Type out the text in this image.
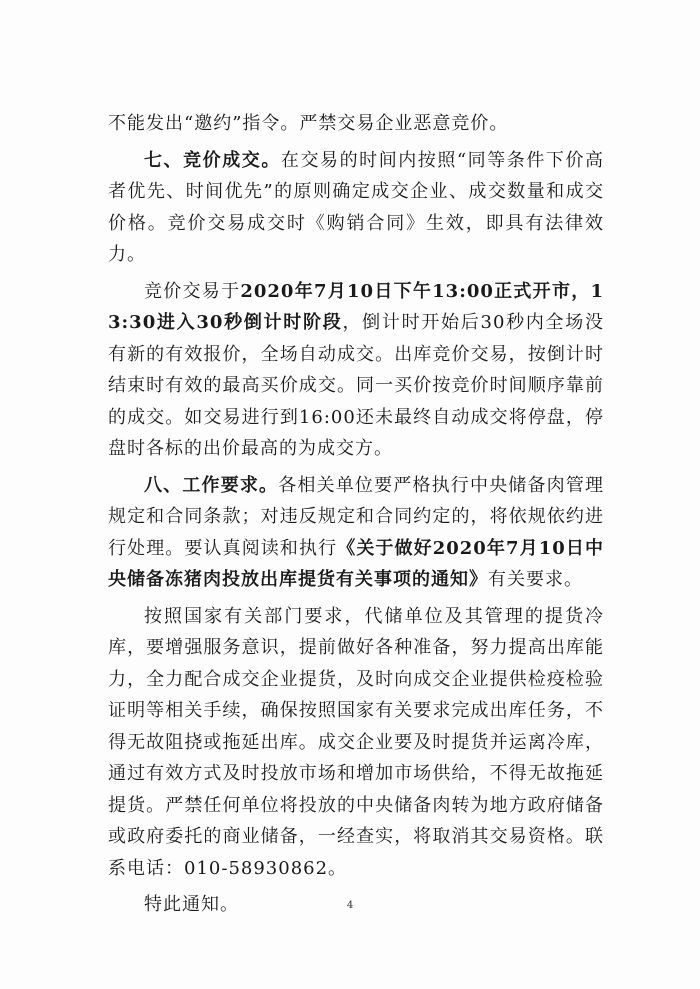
不能发出“邀约”指令。严禁交易企业恶意竞价。

七、竞价成交。在交易的时间内按照“同等条件下价高者优先、时间优先”的原则确定成交企业、成交数量和成交价格。竞价交易成交时《购销合同》生效，即具有法律效力。

竞价交易于2020年7月10日下午13:00正式开市，13:30进入30秒倒计时阶段，倒计时开始后30秒内全场没有新的有效报价，全场自动成交。出库竞价交易，按倒计时结束时有效的最高买价成交。同一买价按竞价时间顺序靠前的成交。如交易进行到16:00还未最终自动成交将停盘，停盘时各标的出价最高的为成交方。

八、工作要求。各相关单位要严格执行中央储备肉管理规定和合同条款；对违反规定和合同约定的，将依规依约进行处理。要认真阅读和执行《关于做好2020年7月10日中央储备冻猪肉投放出库提货有关事项的通知》有关要求。

按照国家有关部门要求，代储单位及其管理的提货冷库，要增强服务意识，提前做好各种准备，努力提高出库能力，全力配合成交企业提货，及时向成交企业提供检疫检验证明等相关手续，确保按照国家有关要求完成出库任务，不得无故阻挠或拖延出库。成交企业要及时提货并运离冷库，通过有效方式及时投放市场和增加市场供给，不得无故拖延提货。严禁任何单位将投放的中央储备肉转为地方政府储备或政府委托的商业储备，一经查实，将取消其交易资格。联系电话：010-58930862。

特此通知。	4
